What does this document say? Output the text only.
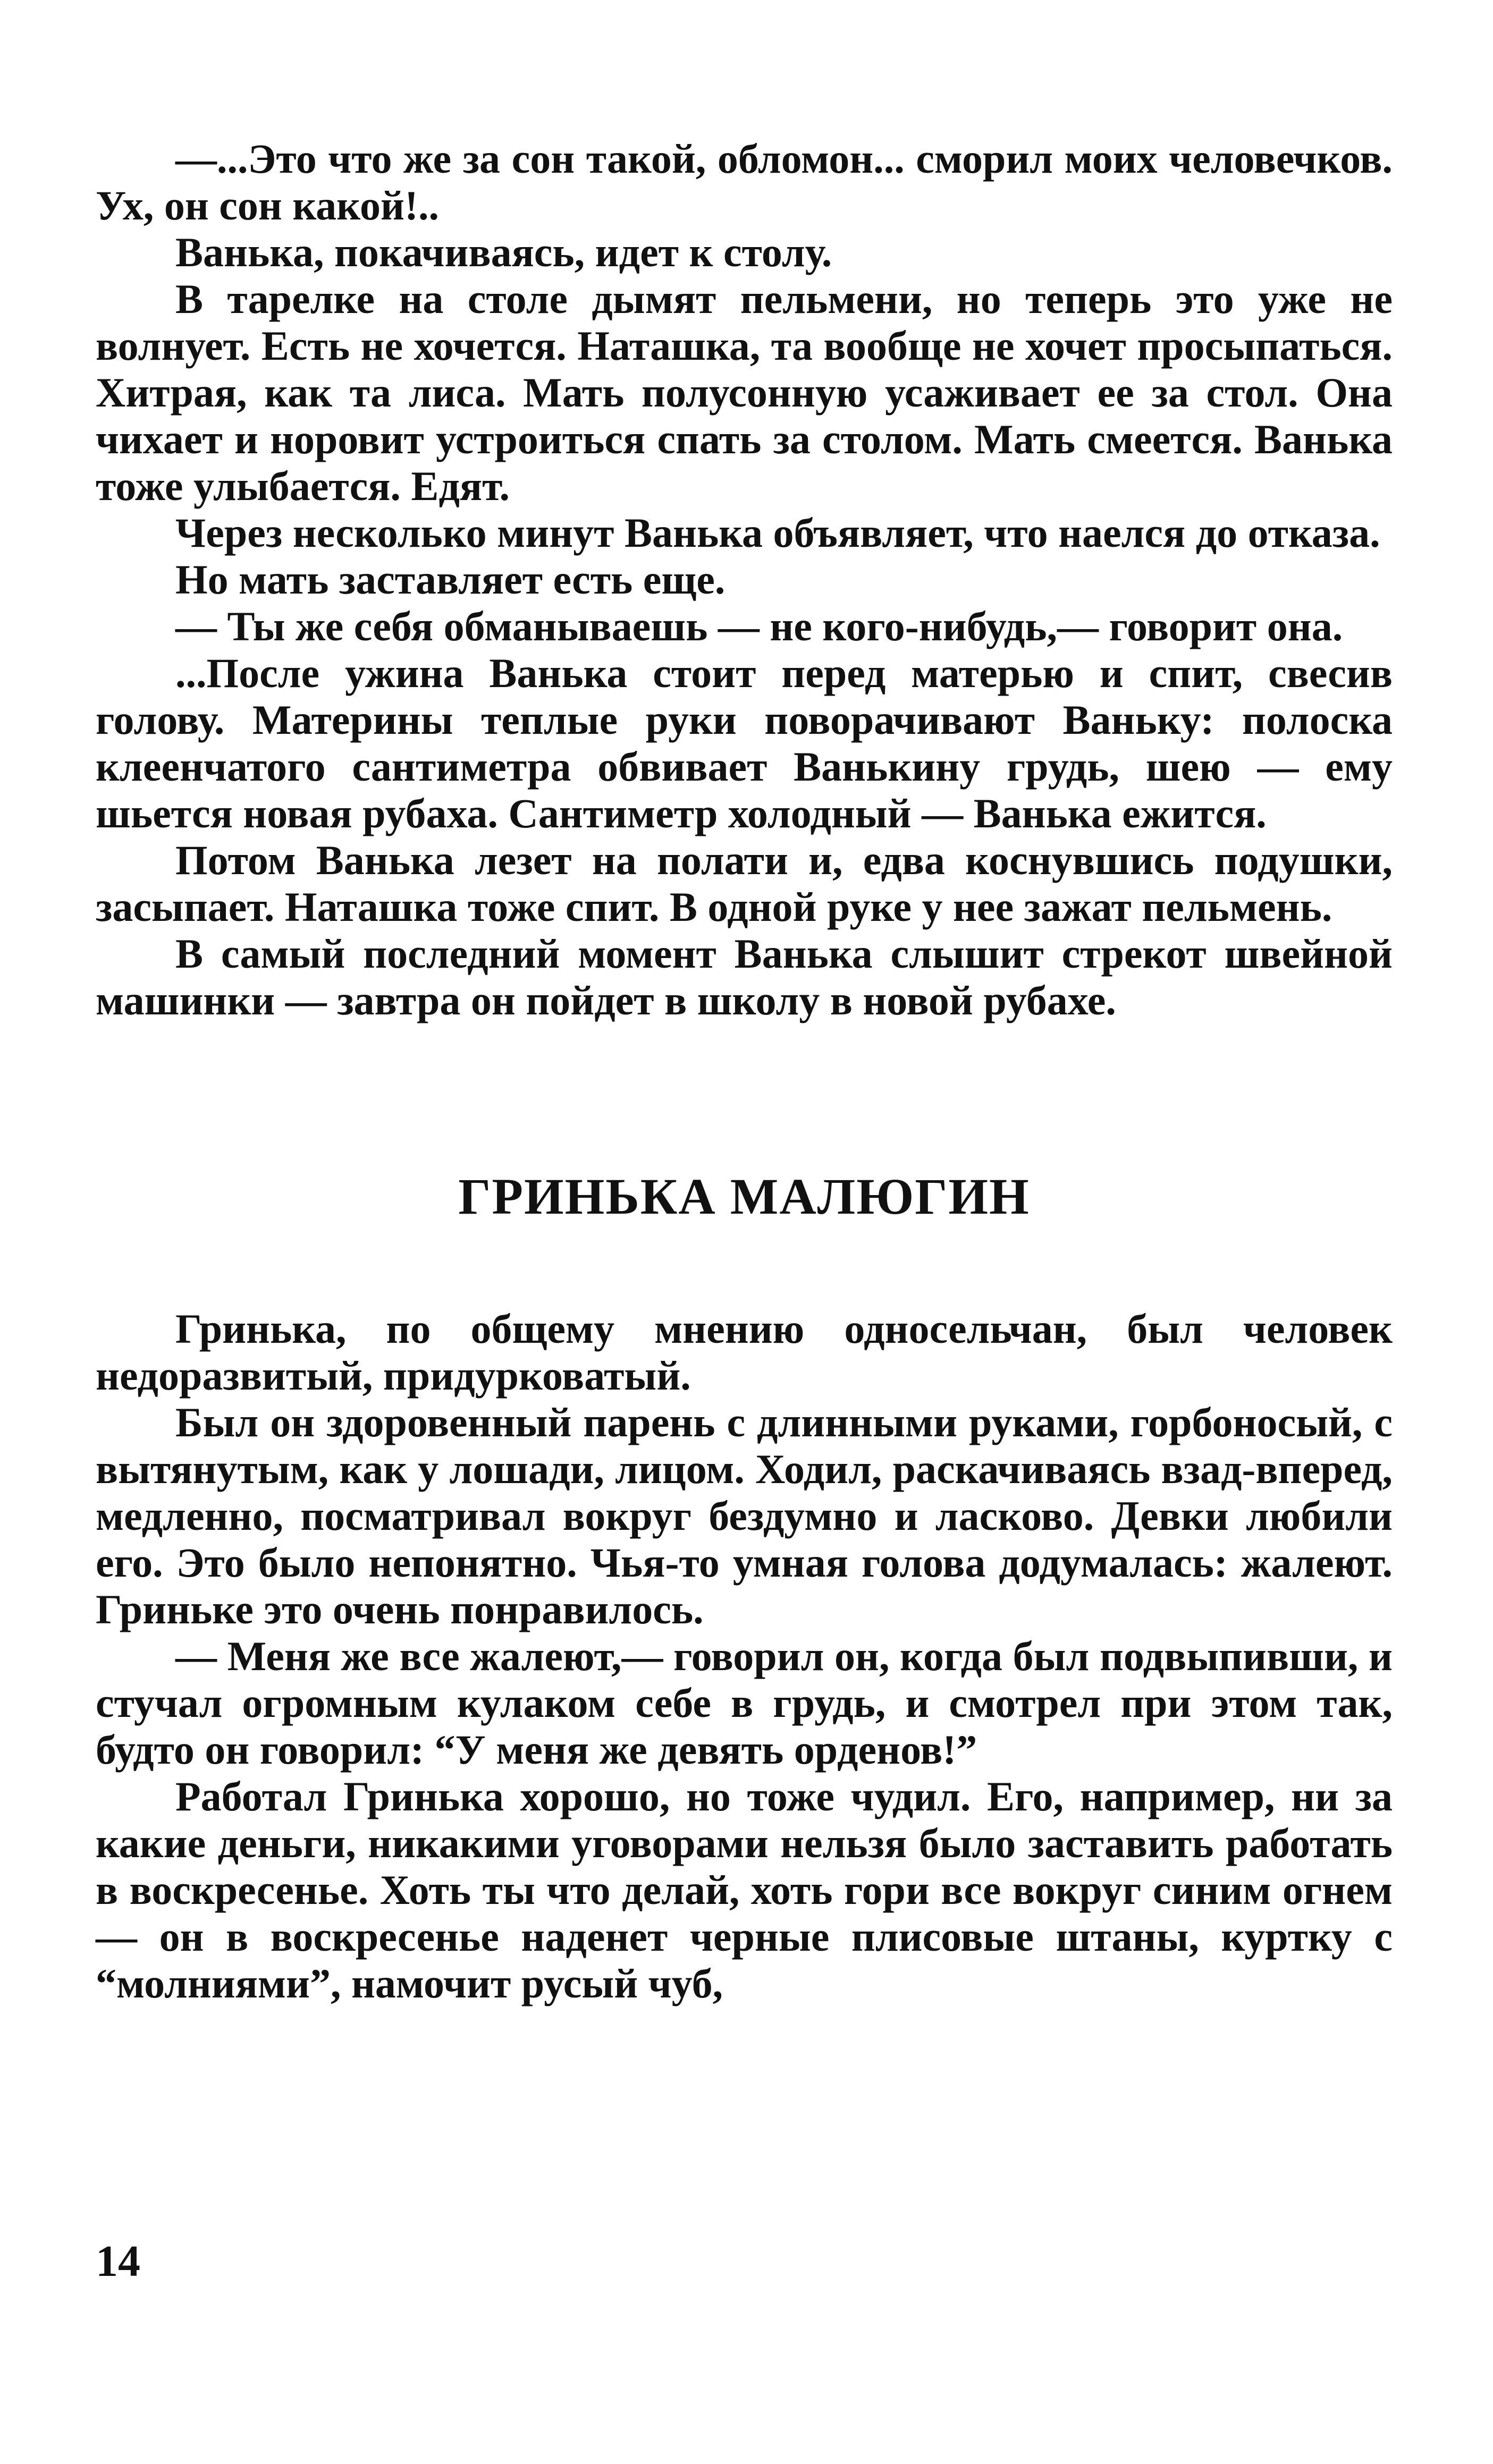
—...Это что же за сон такой, обломон... сморил моих человечков. Ух, он сон какой!..

Ванька, покачиваясь, идет к столу.

В тарелке на столе дымят пельмени, но теперь это уже не волнует. Есть не хочется. Наташка, та вообще не хочет просыпаться. Хитрая, как та лиса. Мать полусонную усаживает ее за стол. Она чихает и норовит устроиться спать за столом. Мать смеется. Ванька тоже улыбается. Едят.

Через несколько минут Ванька объявляет, что наелся до отказа.

Но мать заставляет есть еще.

— Ты же себя обманываешь — не кого-нибудь,— говорит она.

...После ужина Ванька стоит перед матерью и спит, свесив голову. Материны теплые руки поворачивают Ваньку: полоска клеенчатого сантиметра обвивает Ванькину грудь, шею — ему шьется новая рубаха. Сантиметр холодный — Ванька ежится.

Потом Ванька лезет на полати и, едва коснувшись подушки, засыпает. Наташка тоже спит. В одной руке у нее зажат пельмень.

В самый последний момент Ванька слышит стрекот швейной машинки — завтра он пойдет в школу в новой рубахе.

ГРИНЬКА МАЛЮГИН

Гринька, по общему мнению односельчан, был человек недоразвитый, придурковатый.

Был он здоровенный парень с длинными руками, горбоносый, с вытянутым, как у лошади, лицом. Ходил, раскачиваясь взад-вперед, медленно, посматривал вокруг бездумно и ласково. Девки любили его. Это было непонятно. Чья-то умная голова додумалась: жалеют. Гриньке это очень понравилось.

— Меня же все жалеют,— говорил он, когда был подвыпивши, и стучал огромным кулаком себе в грудь, и смотрел при этом так, будто он говорил: “У меня же девять орденов!”

Работал Гринька хорошо, но тоже чудил. Его, например, ни за какие деньги, никакими уговорами нельзя было заставить работать в воскресенье. Хоть ты что делай, хоть гори все вокруг синим огнем — он в воскресенье наденет черные плисовые штаны, куртку с “молниями”, намочит русый чуб,

14
